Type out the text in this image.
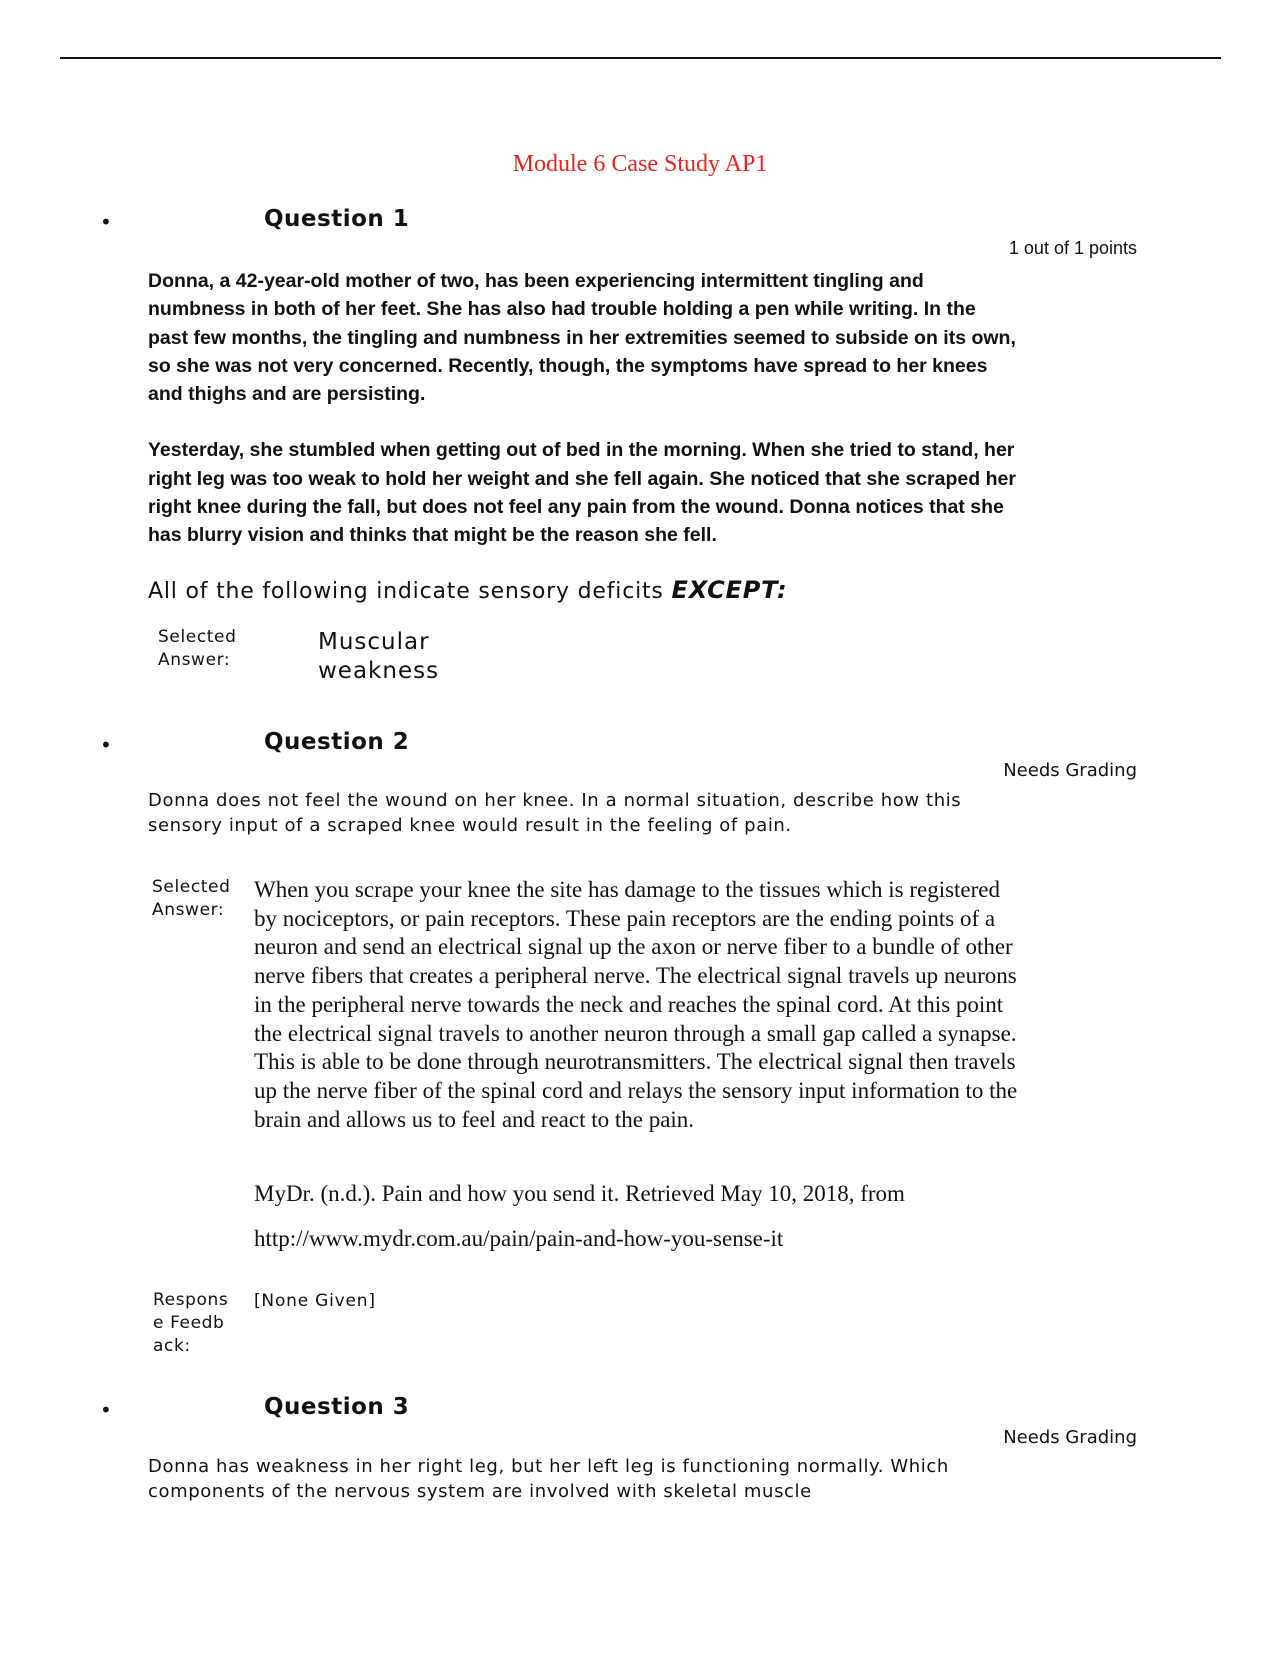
Module 6 Case Study AP1
•	Question 1
1 out of 1 points

Donna, a 42-year-old mother of two, has been experiencing intermittent tingling and numbness in both of her feet. She has also had trouble holding a pen while writing. In the past few months, the tingling and numbness in her extremities seemed to subside on its own, so she was not very concerned. Recently, though, the symptoms have spread to her knees and thighs and are persisting.

Yesterday, she stumbled when getting out of bed in the morning. When she tried to stand, her right leg was too weak to hold her weight and she fell again. She noticed that she scraped her right knee during the fall, but does not feel any pain from the wound. Donna notices that she has blurry vision and thinks that might be the reason she fell.

All of the following indicate sensory deficits EXCEPT:
Selected Answer:
Muscular weakness
•	Question 2
Needs Grading
Donna does not feel the wound on her knee. In a normal situation, describe how this sensory input of a scraped knee would result in the feeling of pain.
Selected Answer:
When you scrape your knee the site has damage to the tissues which is registered by nociceptors, or pain receptors. These pain receptors are the ending points of a neuron and send an electrical signal up the axon or nerve fiber to a bundle of other nerve fibers that creates a peripheral nerve. The electrical signal travels up neurons in the peripheral nerve towards the neck and reaches the spinal cord. At this point the electrical signal travels to another neuron through a small gap called a synapse. This is able to be done through neurotransmitters. The electrical signal then travels up the nerve fiber of the spinal cord and relays the sensory input information to the brain and allows us to feel and react to the pain.
MyDr. (n.d.). Pain and how you send it. Retrieved May 10, 2018, from
http://www.mydr.com.au/pain/pain-and-how-you-sense-it
Response Feedback:
[None Given]
•	Question 3
Needs Grading
Donna has weakness in her right leg, but her left leg is functioning normally. Which components of the nervous system are involved with skeletal muscle
